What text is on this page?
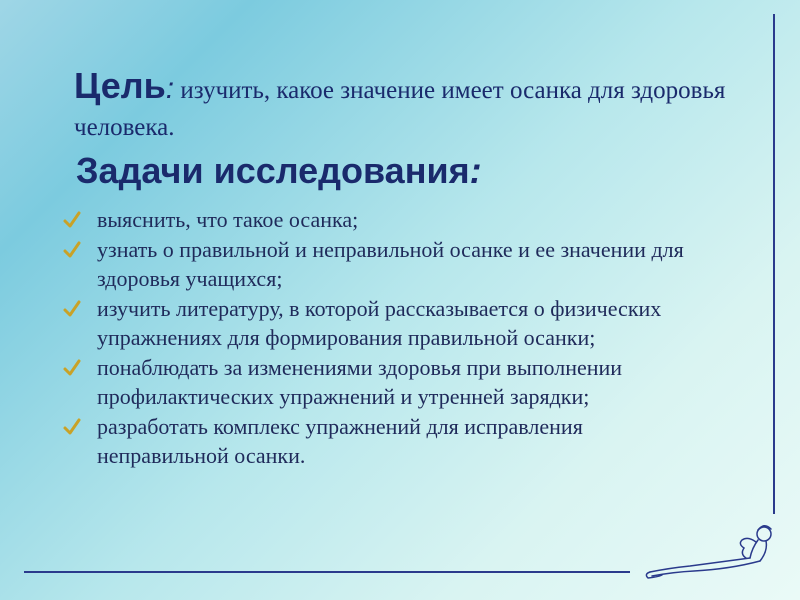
Цель: изучить, какое значение имеет осанка для здоровья человека.
Задачи исследования:
выяснить, что такое осанка;
узнать о правильной и неправильной осанке и ее значении для здоровья учащихся;
изучить литературу, в которой рассказывается о физических упражнениях для формирования правильной осанки;
понаблюдать за изменениями здоровья при выполнении профилактических упражнений и утренней зарядки;
разработать комплекс упражнений для исправления неправильной осанки.
